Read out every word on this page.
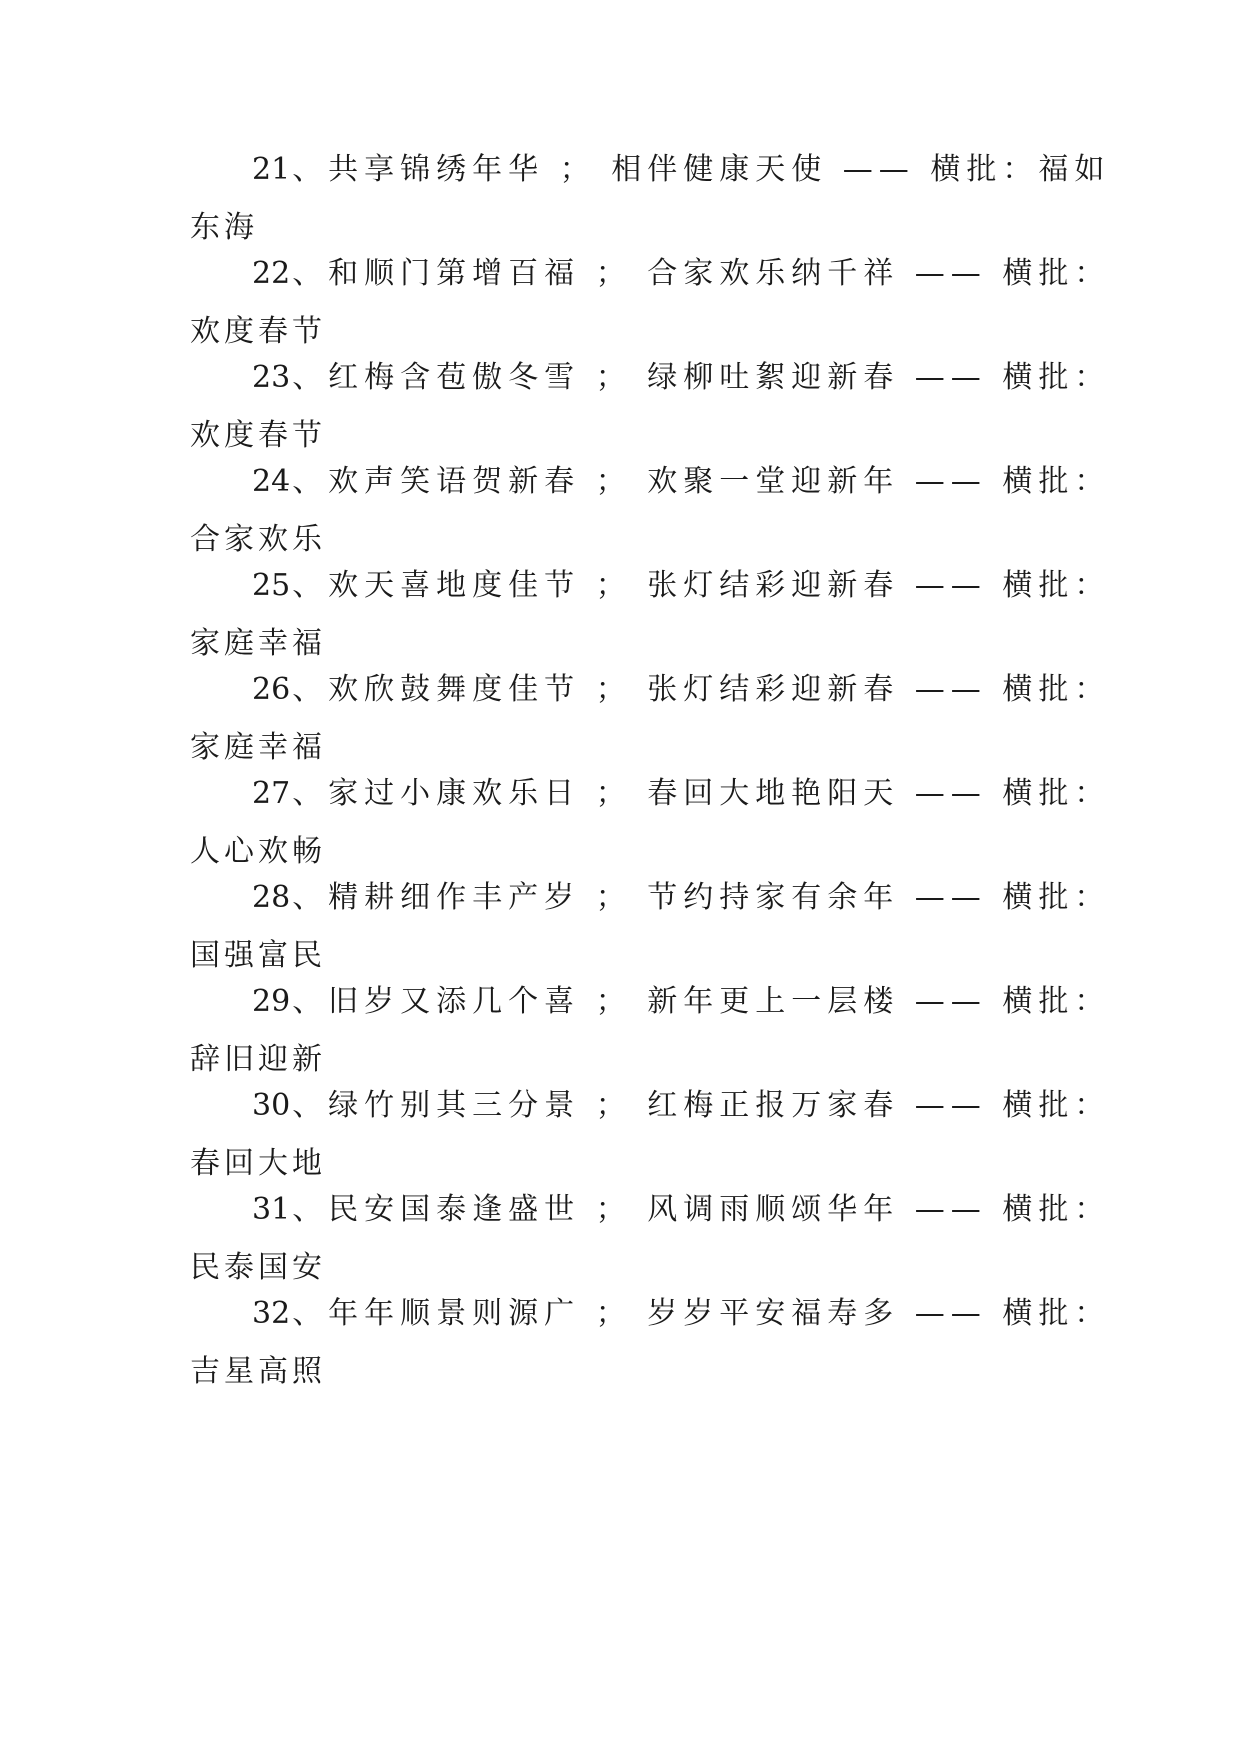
21、共享锦绣年华 ； 相伴健康天使 —— 横批：福如
东海
22、和顺门第增百福 ； 合家欢乐纳千祥 —— 横批：
欢度春节
23、红梅含苞傲冬雪 ； 绿柳吐絮迎新春 —— 横批：
欢度春节
24、欢声笑语贺新春 ； 欢聚一堂迎新年 —— 横批：
合家欢乐
25、欢天喜地度佳节 ； 张灯结彩迎新春 —— 横批：
家庭幸福
26、欢欣鼓舞度佳节 ； 张灯结彩迎新春 —— 横批：
家庭幸福
27、家过小康欢乐日 ； 春回大地艳阳天 —— 横批：
人心欢畅
28、精耕细作丰产岁 ； 节约持家有余年 —— 横批：
国强富民
29、旧岁又添几个喜 ； 新年更上一层楼 —— 横批：
辞旧迎新
30、绿竹别其三分景 ； 红梅正报万家春 —— 横批：
春回大地
31、民安国泰逢盛世 ； 风调雨顺颂华年 —— 横批：
民泰国安
32、年年顺景则源广 ； 岁岁平安福寿多 —— 横批：
吉星高照
